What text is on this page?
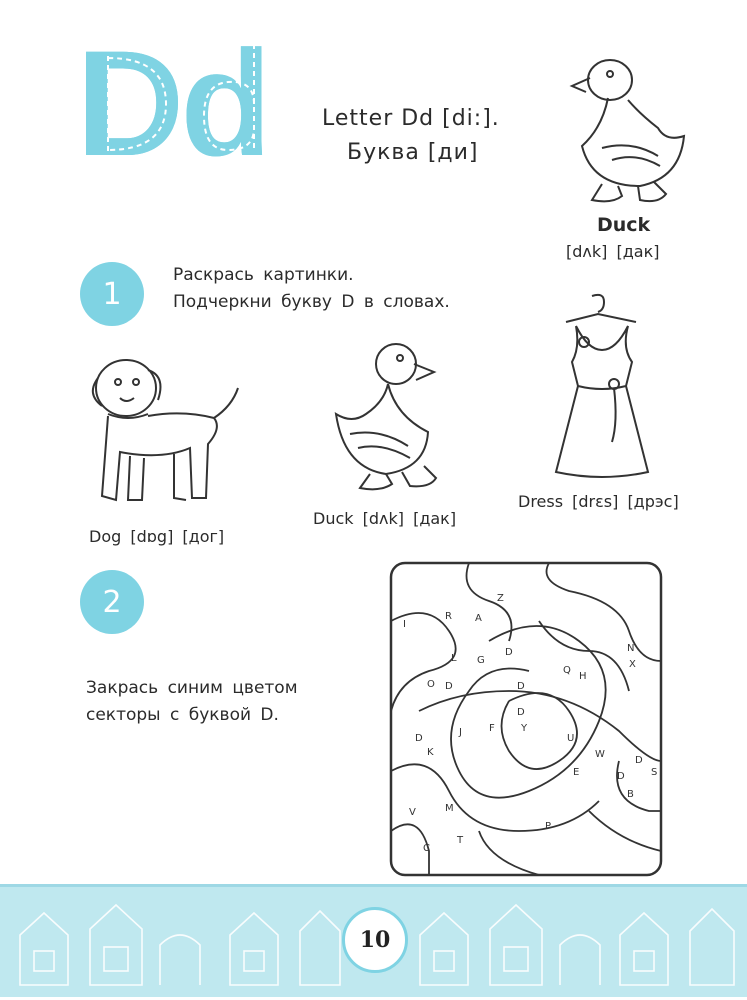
Dd Letter Dd [di:].
Буква [ди]
Duck
[dʌk] [дак]
1
Раскрась картинки.
Подчеркни букву D в словах.
Dog [dɒg] [дог]
Duck [dʌk] [дак]
Dress [drɛs] [дрэс]
2
Закрась синим цветом
секторы с буквой D.
I
R A
Z
L G
D	N
X
O D
Q
H
D
D
J	F	Y
D	U
W
D
K
E	D	S
B
V	M
P
C
T
10
